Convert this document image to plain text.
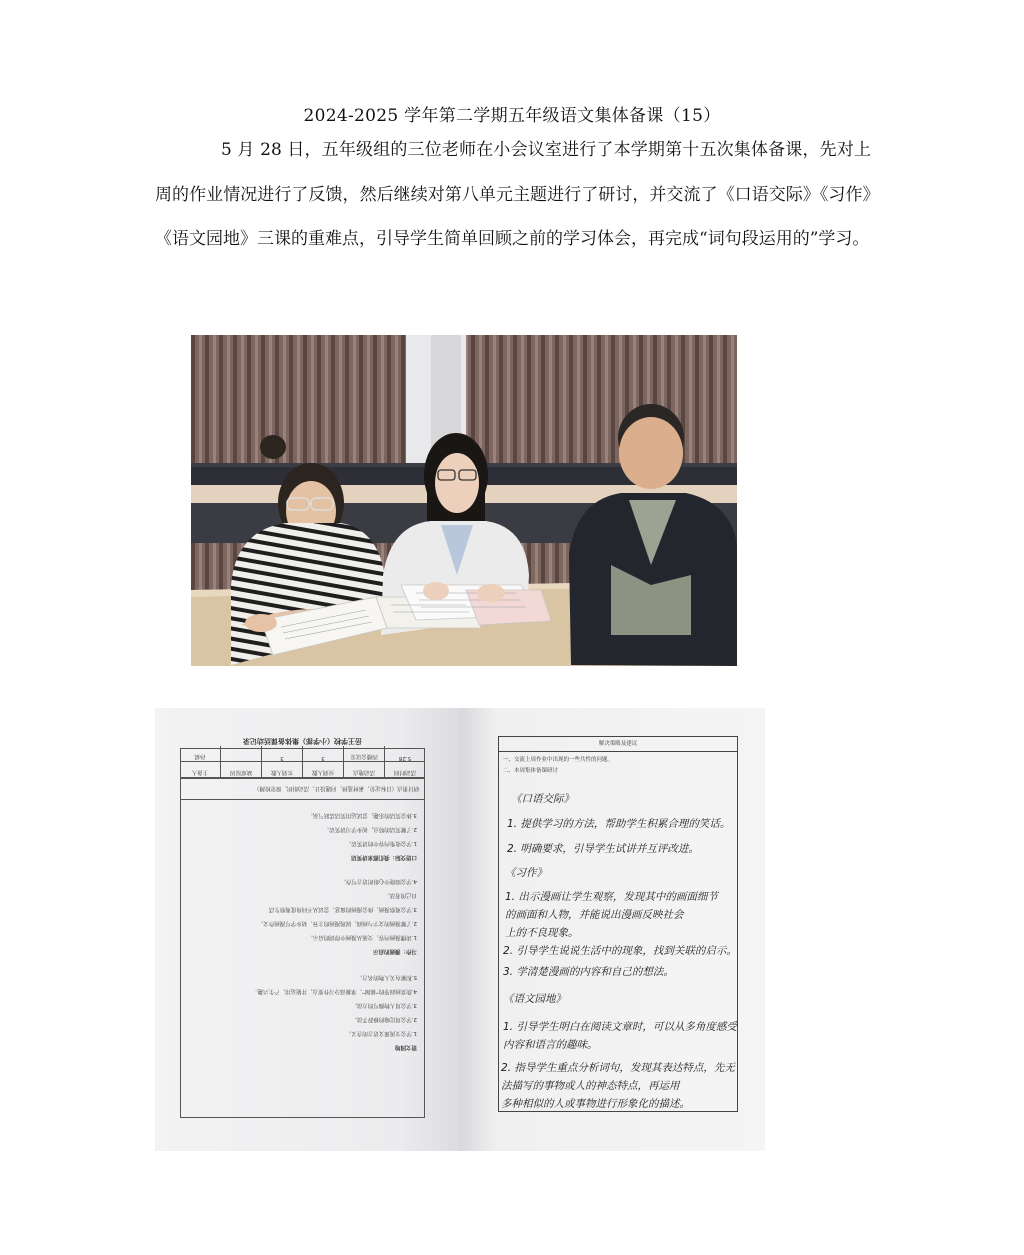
2024-2025 学年第二学期五年级语文集体备课（15）
5 月 28 日，五年级组的三位老师在小会议室进行了本学期第十五次集体备课，先对上周的作业情况进行了反馈，然后继续对第八单元主题进行了研讨，并交流了《口语交际》《习作》《语文园地》三课的重难点，引导学生简单回顾之前的学习体会，再完成“词句段运用的”学习。
岳王学校（小学部）集体备课活动记录
活动时间
活动地点
应到人数
实到人数
缺席原因
主备人
5.28
四楼会议室
3
3
孙斌
研讨重点（目标定位，素材选择，问题设计，活动组织，课堂检测）
口语交际：我们都来讲笑话
1.学会收集内容中的讲笑话。
2.了解笑话的特点，初步学习讲笑话。
3.体会笑话的乐趣，尝试运用笑话活跃气氛。
习作：漫画的启示
1.读懂漫画内容，交流从漫画中得到的启示。
2.了解漫画的文字与画面，展现漫画的主旨，初步学写漫画作文。
3.学会观察漫画，体会漫画的寓意，尝试从不同角度观察生活
自己的看法。
4.学会围绕中心组织语言写作。
语文园地
1.学会交流课文语言的含义。
2.学会用比喻的修辞手法。
3.学会用人物描写的方法。
4.欣赏画面等的“插图”，掌握部分习作要点，并能运用，产生兴趣。
5.积累有关人物的名言。
解决策略及建议
一、交流上周作业中出现的一些共性的问题。
二、本周集体备课研讨
《口语交际》
1. 提供学习的方法，帮助学生积累合理的笑话。
2. 明确要求，引导学生试讲并互评改进。
《习作》
1. 出示漫画让学生观察，发现其中的画面细节
的画面和人物，并能说出漫画反映社会
上的不良现象。
2. 引导学生说说生活中的现象，找到关联的启示。
3. 学清楚漫画的内容和自己的想法。
《语文园地》
1. 引导学生明白在阅读文章时，可以从多角度感受
内容和语言的趣味。
2. 指导学生重点分析词句，发现其表达特点，先无
法描写的事物或人的神态特点，再运用
多种相似的人或事物进行形象化的描述。
